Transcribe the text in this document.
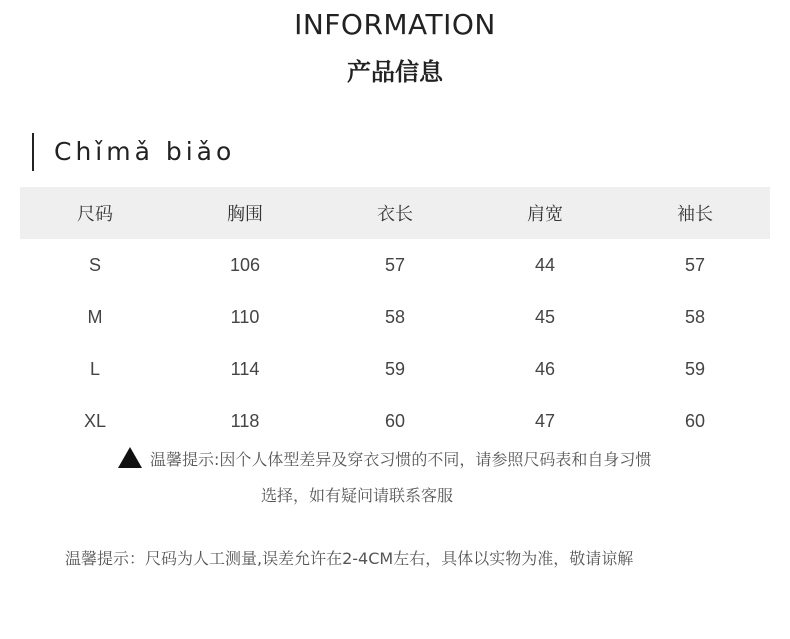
INFORMATION
产品信息
Chǐmǎ biǎo
尺码	胸围	衣长	肩宽	袖长
S	106	57	44	57
M	110	58	45	58
L	114	59	46	59
XL	118	60	47	60
温馨提示:因个人体型差异及穿衣习惯的不同，请参照尺码表和自身习惯
选择，如有疑问请联系客服
温馨提示：尺码为人工测量,误差允许在2-4CM左右，具体以实物为准，敬请谅解
